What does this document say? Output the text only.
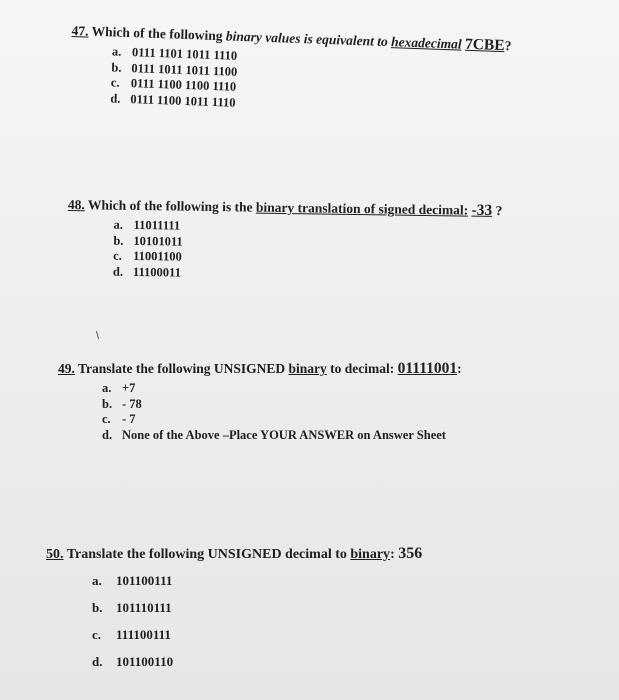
47. Which of the following binary values is equivalent to hexadecimal 7CBE?
a. 0111 1101 1011 1110
b. 0111 1011 1011 1100
c. 0111 1100 1100 1110
d. 0111 1100 1011 1110
48. Which of the following is the binary translation of signed decimal: -33 ?
a. 11011111
b. 10101011
c. 11001100
d. 11100011
49. Translate the following UNSIGNED binary to decimal: 01111001:
a. +7
b. - 78
c. - 7
d. None of the Above –Place YOUR ANSWER on Answer Sheet
50. Translate the following UNSIGNED decimal to binary: 356
a.	101100111
b.	101110111
c.	111100111
d.	101100110
